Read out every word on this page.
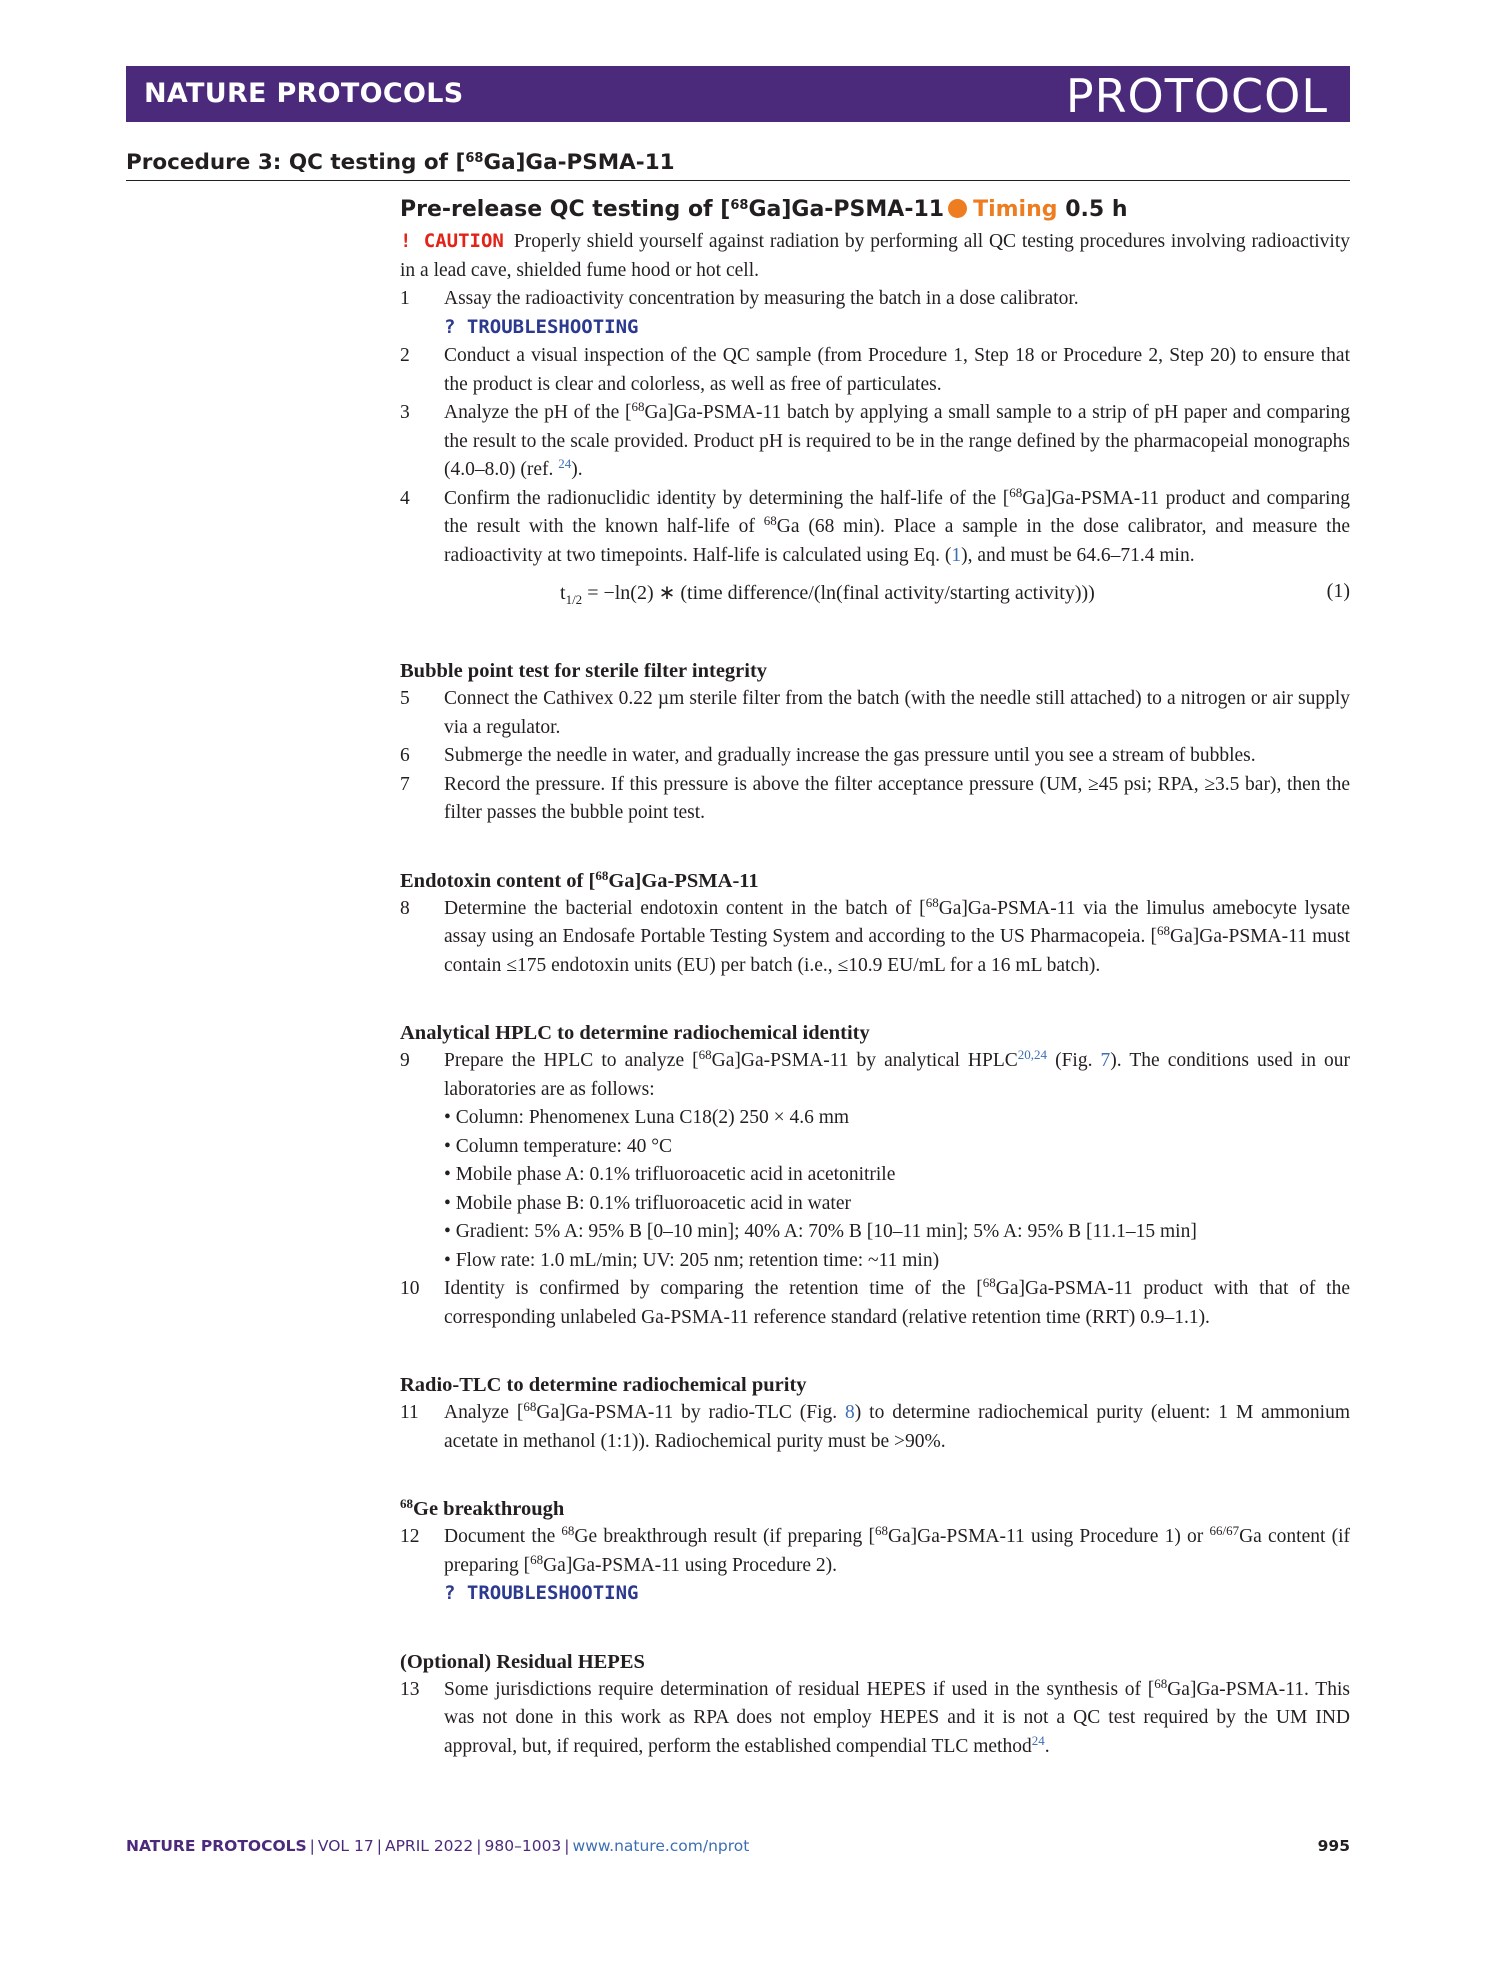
NATURE PROTOCOLS	PROTOCOL
Procedure 3: QC testing of [$^{68}$Ga]Ga-PSMA-11
Pre-release QC testing of [$^{68}$Ga]Ga-PSMA-11 Timing 0.5 h

! CAUTION Properly shield yourself against radiation by performing all QC testing procedures involving radioactivity in a lead cave, shielded fume hood or hot cell.

1	Assay the radioactivity concentration by measuring the batch in a dose calibrator.
? TROUBLESHOOTING
2	Conduct a visual inspection of the QC sample (from Procedure 1, Step 18 or Procedure 2, Step 20) to ensure that the product is clear and colorless, as well as free of particulates.
3	Analyze the pH of the [$^{68}$Ga]Ga-PSMA-11 batch by applying a small sample to a strip of pH paper and comparing the result to the scale provided. Product pH is required to be in the range defined by the pharmacopeial monographs (4.0–8.0) (ref. $^{24}$).
4	Confirm the radionuclidic identity by determining the half-life of the [$^{68}$Ga]Ga-PSMA-11 product and comparing the result with the known half-life of $^{68}$Ga (68 min). Place a sample in the dose calibrator, and measure the radioactivity at two timepoints. Half-life is calculated using Eq. (1), and must be 64.6–71.4 min.
$t_{1/2} = -\ln(2)$ ∗ (time difference/(ln(final activity/starting activity)))	(1)
Bubble point test for sterile filter integrity
5	Connect the Cathivex 0.22 µm sterile filter from the batch (with the needle still attached) to a nitrogen or air supply via a regulator.
6	Submerge the needle in water, and gradually increase the gas pressure until you see a stream of bubbles.
7	Record the pressure. If this pressure is above the filter acceptance pressure (UM, ≥45 psi; RPA, ≥3.5 bar), then the filter passes the bubble point test.
Endotoxin content of [$^{68}$Ga]Ga-PSMA-11
8	Determine the bacterial endotoxin content in the batch of [$^{68}$Ga]Ga-PSMA-11 via the limulus amebocyte lysate assay using an Endosafe Portable Testing System and according to the US Pharmacopeia. [$^{68}$Ga]Ga-PSMA-11 must contain ≤175 endotoxin units (EU) per batch (i.e., ≤10.9 EU/mL for a 16 mL batch).
Analytical HPLC to determine radiochemical identity
9	Prepare the HPLC to analyze [$^{68}$Ga]Ga-PSMA-11 by analytical HPLC$^{20,24}$ (Fig. 7). The conditions used in our laboratories are as follows:
• Column: Phenomenex Luna C18(2) 250 × 4.6 mm
• Column temperature: 40 °C
• Mobile phase A: 0.1% trifluoroacetic acid in acetonitrile
• Mobile phase B: 0.1% trifluoroacetic acid in water
• Gradient: 5% A: 95% B [0–10 min]; 40% A: 70% B [10–11 min]; 5% A: 95% B [11.1–15 min]
• Flow rate: 1.0 mL/min; UV: 205 nm; retention time: ~11 min)
10	Identity is confirmed by comparing the retention time of the [$^{68}$Ga]Ga-PSMA-11 product with that of the corresponding unlabeled Ga-PSMA-11 reference standard (relative retention time (RRT) 0.9–1.1).
Radio-TLC to determine radiochemical purity
11	Analyze [$^{68}$Ga]Ga-PSMA-11 by radio-TLC (Fig. 8) to determine radiochemical purity (eluent: 1 M ammonium acetate in methanol (1:1)). Radiochemical purity must be >90%.
$^{68}$Ge breakthrough
12	Document the $^{68}$Ge breakthrough result (if preparing [$^{68}$Ga]Ga-PSMA-11 using Procedure 1) or $^{66/67}$Ga content (if preparing [$^{68}$Ga]Ga-PSMA-11 using Procedure 2).
? TROUBLESHOOTING
(Optional) Residual HEPES
13	Some jurisdictions require determination of residual HEPES if used in the synthesis of [$^{68}$Ga]Ga-PSMA-11. This was not done in this work as RPA does not employ HEPES and it is not a QC test required by the UM IND approval, but, if required, perform the established compendial TLC method$^{24}$.
NATURE PROTOCOLS | VOL 17 | APRIL 2022 | 980–1003 | www.nature.com/nprot	995
